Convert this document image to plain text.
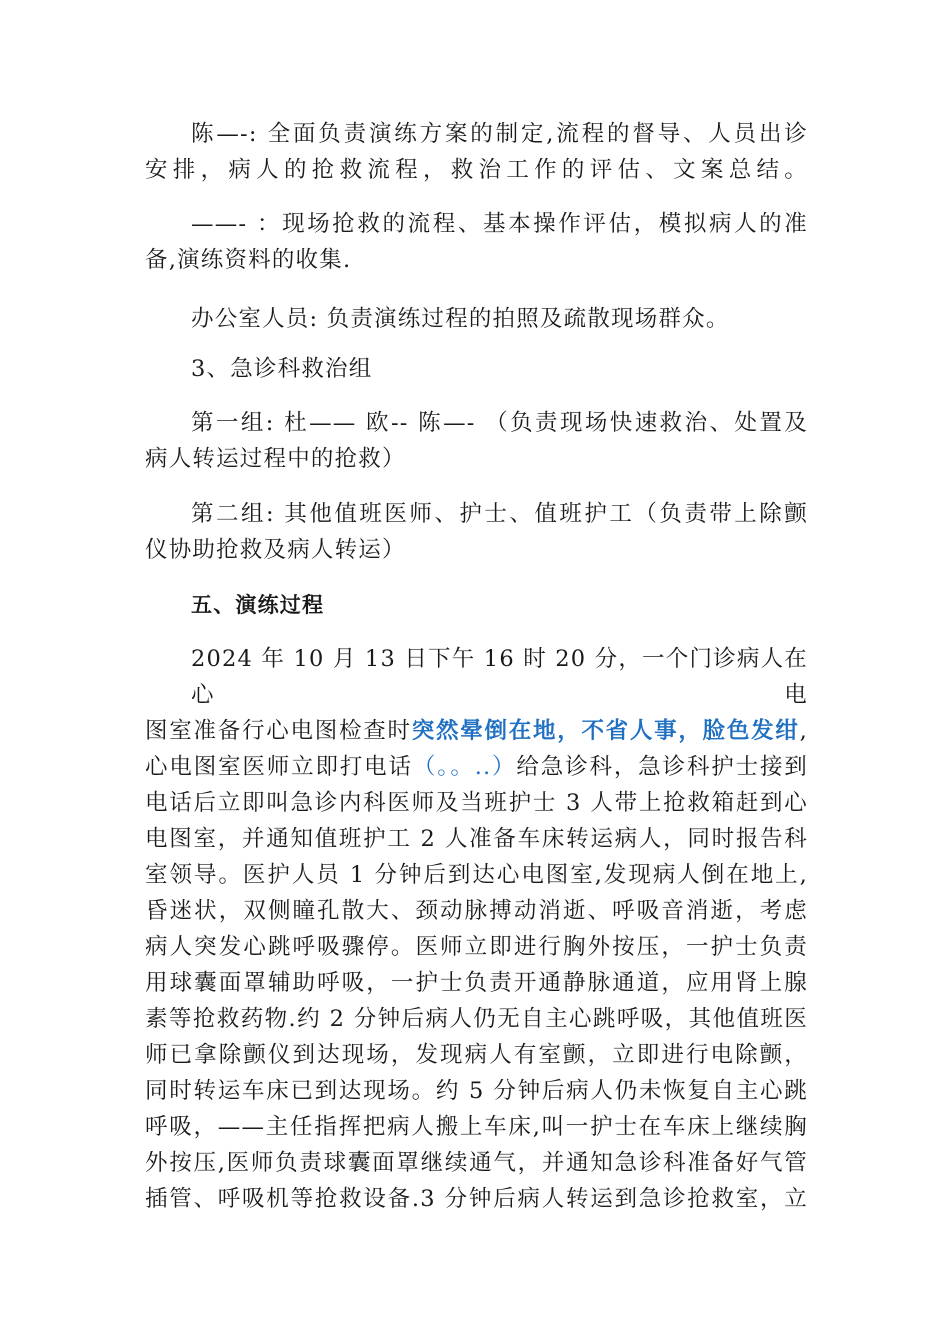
陈—-: 全面负责演练方案的制定,流程的督导、人员出诊
安排，病人的抢救流程，救治工作的评估、文案总结。
——- ：现场抢救的流程、基本操作评估，模拟病人的准
备,演练资料的收集.
办公室人员: 负责演练过程的拍照及疏散现场群众。
3、急诊科救治组
第一组: 杜—— 欧-- 陈—- （负责现场快速救治、处置及
病人转运过程中的抢救）
第二组: 其他值班医师、护士、值班护工（负责带上除颤
仪协助抢救及病人转运）
五、演练过程
2024 年 10 月 13 日下午 16 时 20 分，一个门诊病人在心电
图室准备行心电图检查时突然晕倒在地，不省人事，脸色发绀,
心电图室医师立即打电话（。。..）给急诊科，急诊科护士接到
电话后立即叫急诊内科医师及当班护士 3 人带上抢救箱赶到心
电图室，并通知值班护工 2 人准备车床转运病人，同时报告科
室领导。医护人员 1 分钟后到达心电图室,发现病人倒在地上,
昏迷状，双侧瞳孔散大、颈动脉搏动消逝、呼吸音消逝，考虑
病人突发心跳呼吸骤停。医师立即进行胸外按压，一护士负责
用球囊面罩辅助呼吸，一护士负责开通静脉通道，应用肾上腺
素等抢救药物.约 2 分钟后病人仍无自主心跳呼吸，其他值班医
师已拿除颤仪到达现场，发现病人有室颤，立即进行电除颤，
同时转运车床已到达现场。约 5 分钟后病人仍未恢复自主心跳
呼吸，——主任指挥把病人搬上车床,叫一护士在车床上继续胸
外按压,医师负责球囊面罩继续通气，并通知急诊科准备好气管
插管、呼吸机等抢救设备.3 分钟后病人转运到急诊抢救室，立
